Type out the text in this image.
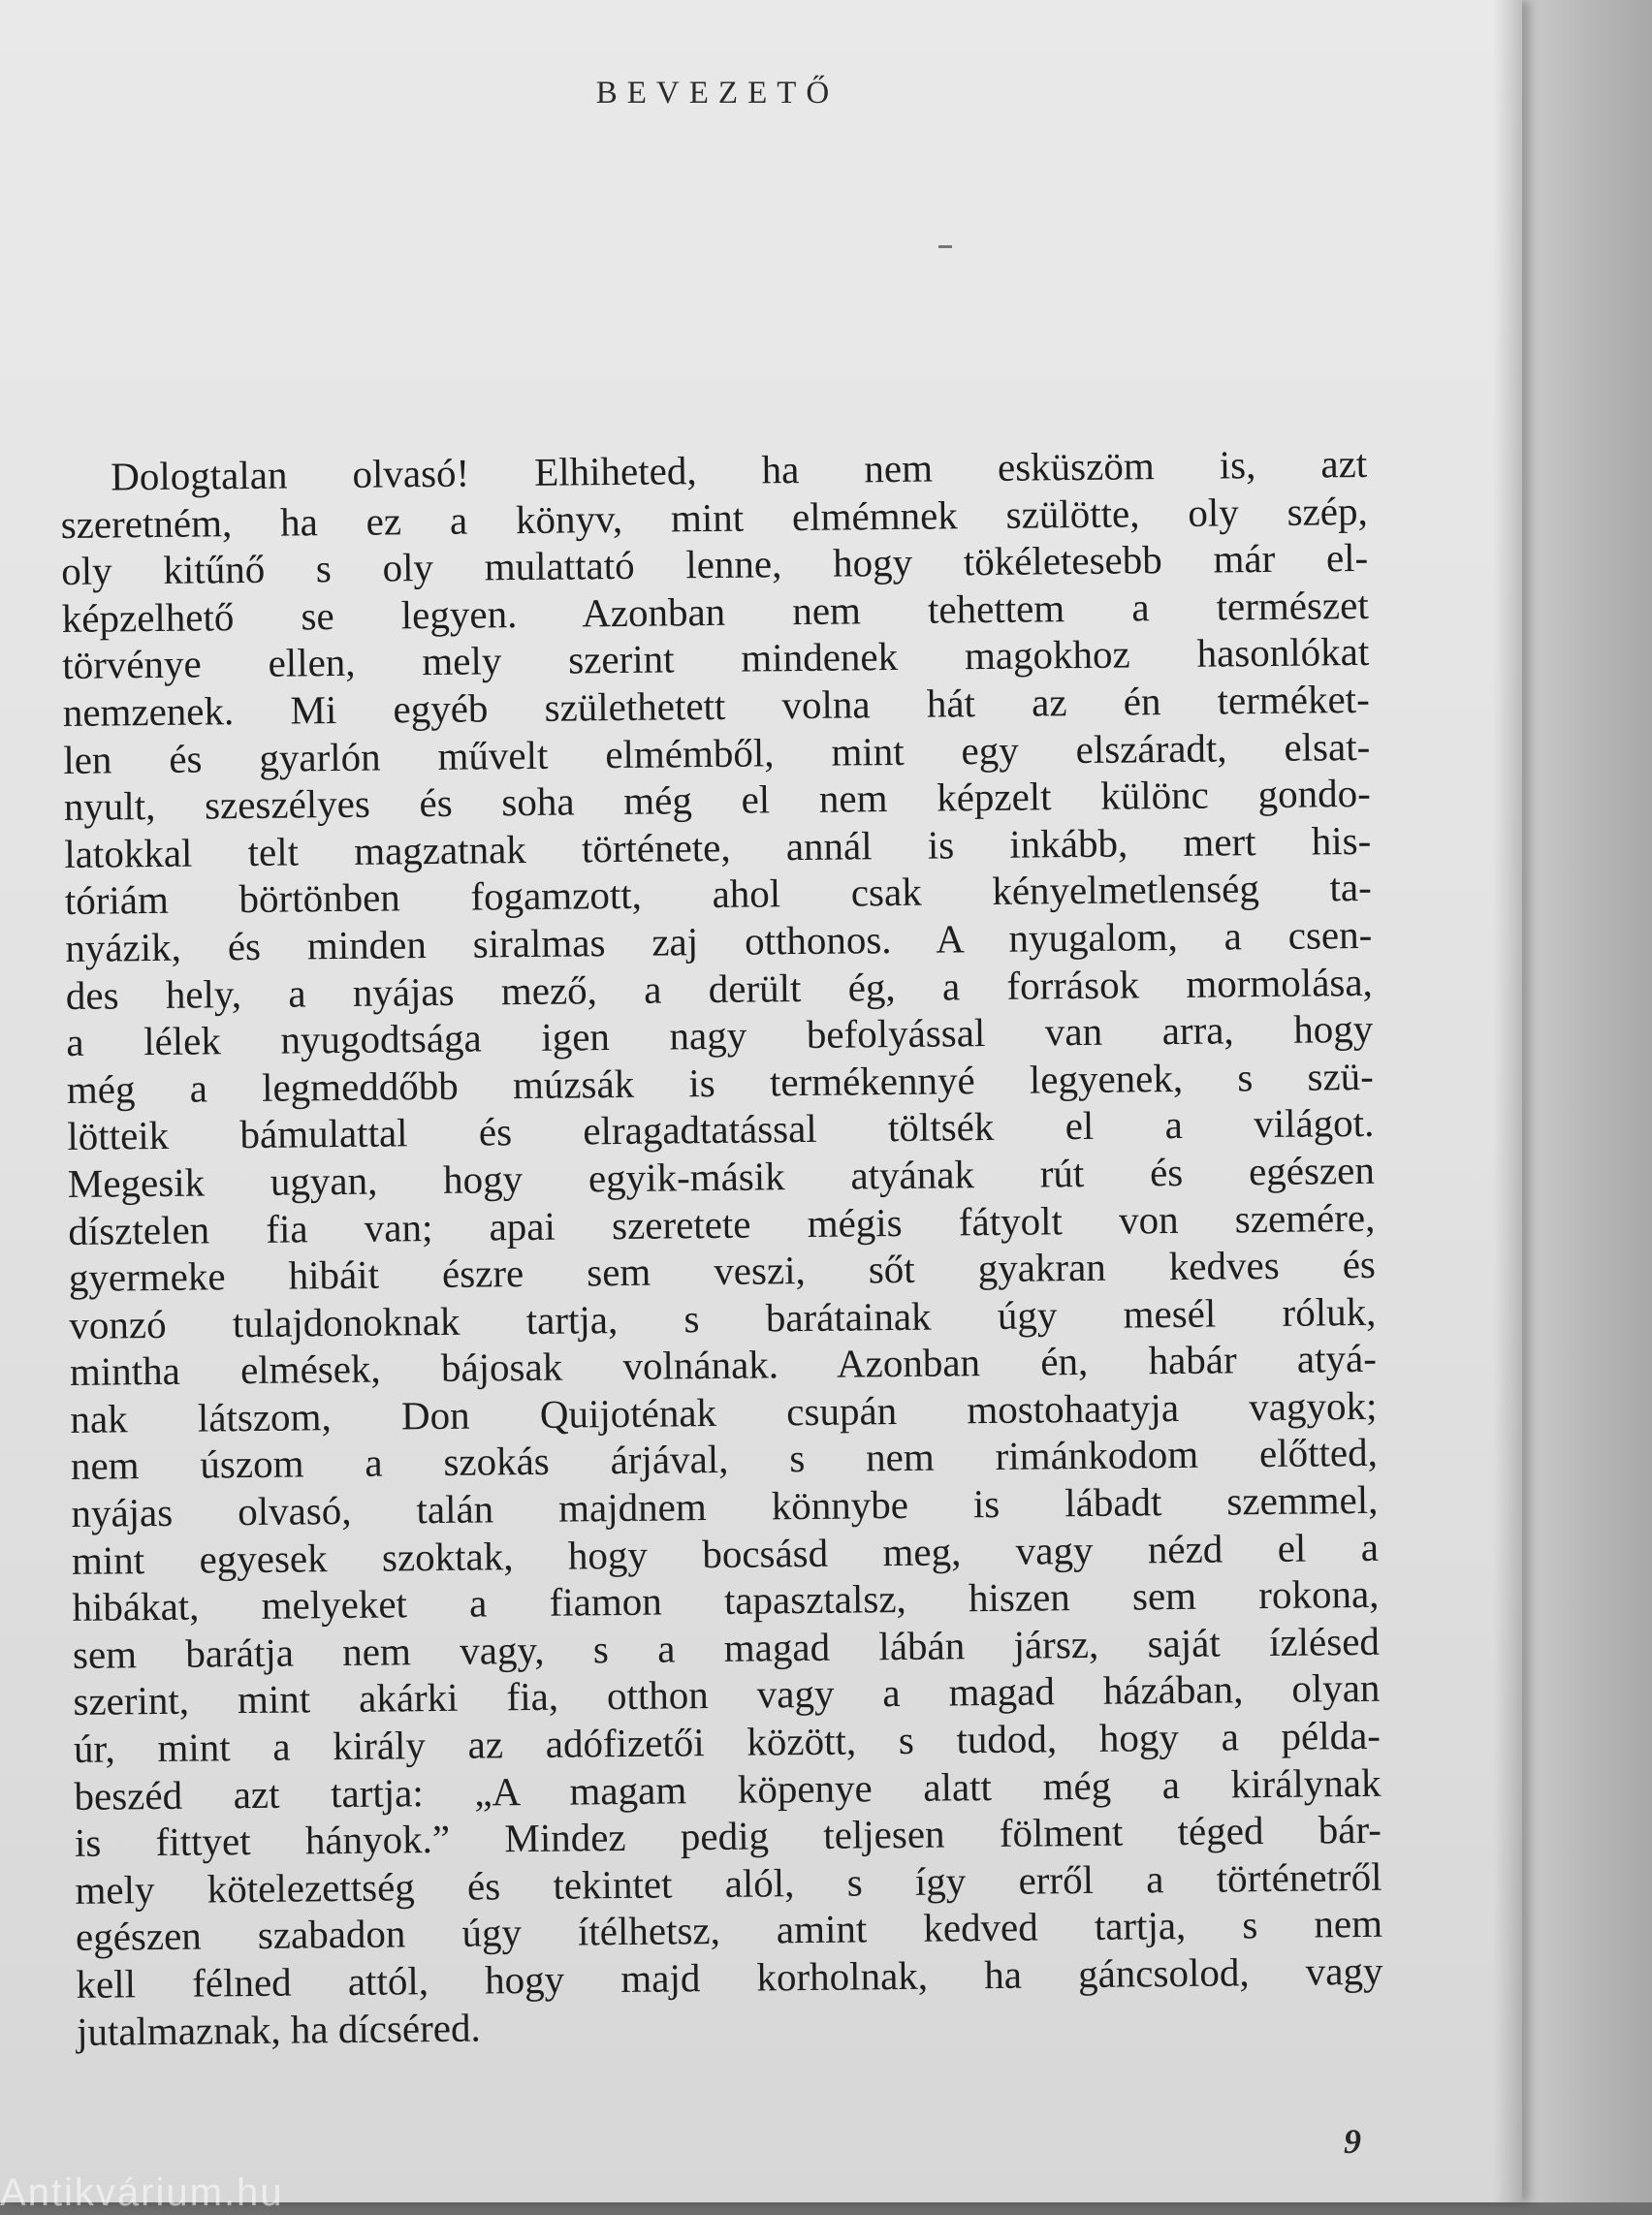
BEVEZETŐ
Dologtalan olvasó! Elhiheted, ha nem esküszöm is, azt
szeretném, ha ez a könyv, mint elmémnek szülötte, oly szép,
oly kitűnő s oly mulattató lenne, hogy tökéletesebb már el-
képzelhető se legyen. Azonban nem tehettem a természet
törvénye ellen, mely szerint mindenek magokhoz hasonlókat
nemzenek. Mi egyéb születhetett volna hát az én terméket-
len és gyarlón művelt elmémből, mint egy elszáradt, elsat-
nyult, szeszélyes és soha még el nem képzelt különc gondo-
latokkal telt magzatnak története, annál is inkább, mert his-
tóriám börtönben fogamzott, ahol csak kényelmetlenség ta-
nyázik, és minden siralmas zaj otthonos. A nyugalom, a csen-
des hely, a nyájas mező, a derült ég, a források mormolása,
a lélek nyugodtsága igen nagy befolyással van arra, hogy
még a legmeddőbb múzsák is termékennyé legyenek, s szü-
lötteik bámulattal és elragadtatással töltsék el a világot.
Megesik ugyan, hogy egyik-másik atyának rút és egészen
dísztelen fia van; apai szeretete mégis fátyolt von szemére,
gyermeke hibáit észre sem veszi, sőt gyakran kedves és
vonzó tulajdonoknak tartja, s barátainak úgy mesél róluk,
mintha elmések, bájosak volnának. Azonban én, habár atyá-
nak látszom, Don Quijoténak csupán mostohaatyja vagyok;
nem úszom a szokás árjával, s nem rimánkodom előtted,
nyájas olvasó, talán majdnem könnybe is lábadt szemmel,
mint egyesek szoktak, hogy bocsásd meg, vagy nézd el a
hibákat, melyeket a fiamon tapasztalsz, hiszen sem rokona,
sem barátja nem vagy, s a magad lábán jársz, saját ízlésed
szerint, mint akárki fia, otthon vagy a magad házában, olyan
úr, mint a király az adófizetői között, s tudod, hogy a példa-
beszéd azt tartja: „A magam köpenye alatt még a királynak
is fittyet hányok.” Mindez pedig teljesen fölment téged bár-
mely kötelezettség és tekintet alól, s így erről a történetről
egészen szabadon úgy ítélhetsz, amint kedved tartja, s nem
kell félned attól, hogy majd korholnak, ha gáncsolod, vagy
jutalmaznak, ha dícséred.
9
Antikvárium.hu
